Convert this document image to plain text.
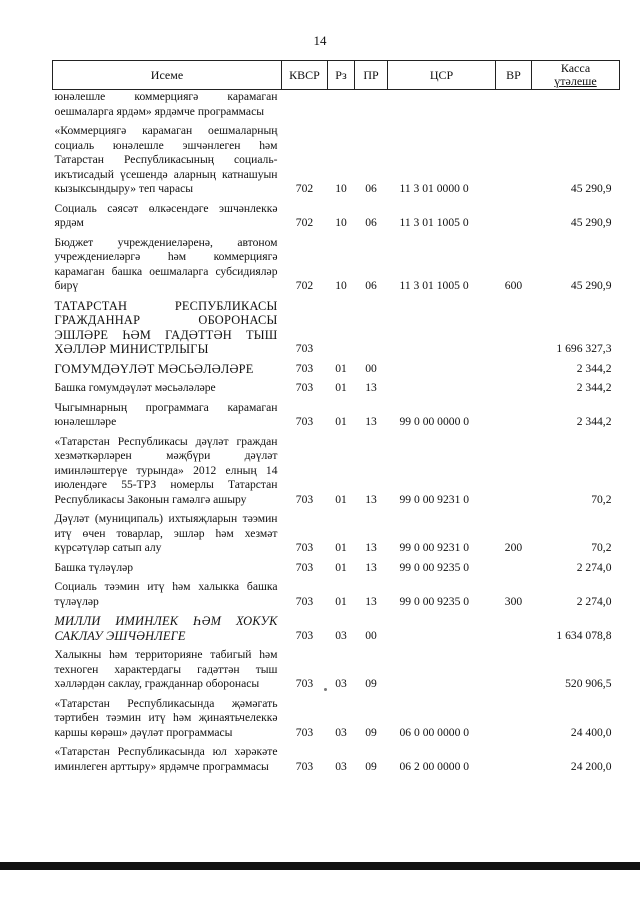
14
Исеме	КВСР	Рз	ПР	ЦСР	ВР	Касса
үтәлеше

юнәлешле коммерциягә карамаган оешмаларга ярдәм» ярдәмче программасы						
«Коммерциягә карамаган оешмаларның социаль юнәлешле эшчәнлеген һәм Татарстан Республикасының социаль-икътисадый үсешендә аларның катнашуын кызыксындыру» теп чарасы	702	10	06	11 3 01 0000 0		45 290,9
Социаль сәясәт өлкәсендәге эшчәнлеккә ярдәм	702	10	06	11 3 01 1005 0		45 290,9
Бюджет учреждениеләренә, автоном учреждениеләргә һәм коммерциягә карамаган башка оешмаларга субсидияләр бирү	702	10	06	11 3 01 1005 0	600	45 290,9
ТАТАРСТАН РЕСПУБЛИКАСЫ ГРАЖДАННАР ОБОРОНАСЫ ЭШЛӘРЕ ҺӘМ ГАДӘТТӘН ТЫШ ХӘЛЛӘР МИНИСТРЛЫГЫ	703					1 696 327,3
ГОМУМДӘҮЛӘТ МӘСЬӘЛӘЛӘРЕ	703	01	00			2 344,2
Башка гомумдәүләт мәсьәләләре	703	01	13			2 344,2
Чыгымнарның программага карамаган юнәлешләре	703	01	13	99 0 00 0000 0		2 344,2
«Татарстан Республикасы дәүләт граждан хезмәткәрләрен мәҗбүри дәүләт иминләштерүе турында» 2012 елның 14 июлендәге 55-ТРЗ номерлы Татарстан Республикасы Законын гамәлгә ашыру	703	01	13	99 0 00 9231 0		70,2
Дәүләт (муниципаль) ихтыяҗларын тәэмин итү өчен товарлар, эшләр һәм хезмәт күрсәтүләр сатып алу	703	01	13	99 0 00 9231 0	200	70,2
Башка түләүләр	703	01	13	99 0 00 9235 0		2 274,0
Социаль тәэмин итү һәм халыкка башка түләүләр	703	01	13	99 0 00 9235 0	300	2 274,0
МИЛЛИ ИМИНЛЕК ҺӘМ ХОКУК САКЛАУ ЭШЧӘНЛЕГЕ	703	03	00			1 634 078,8
Халыкны һәм территорияне табигый һәм техноген характердагы гадәттән тыш хәлләрдән саклау, гражданнар оборонасы	703	03	09			520 906,5
«Татарстан Республикасында җәмәгать тәртибен тәэмин итү һәм җинаятьчелеккә каршы көрәш» дәүләт программасы	703	03	09	06 0 00 0000 0		24 400,0
«Татарстан Республикасында юл хәрәкәте иминлеген арттыру» ярдәмче программасы	703	03	09	06 2 00 0000 0		24 200,0
